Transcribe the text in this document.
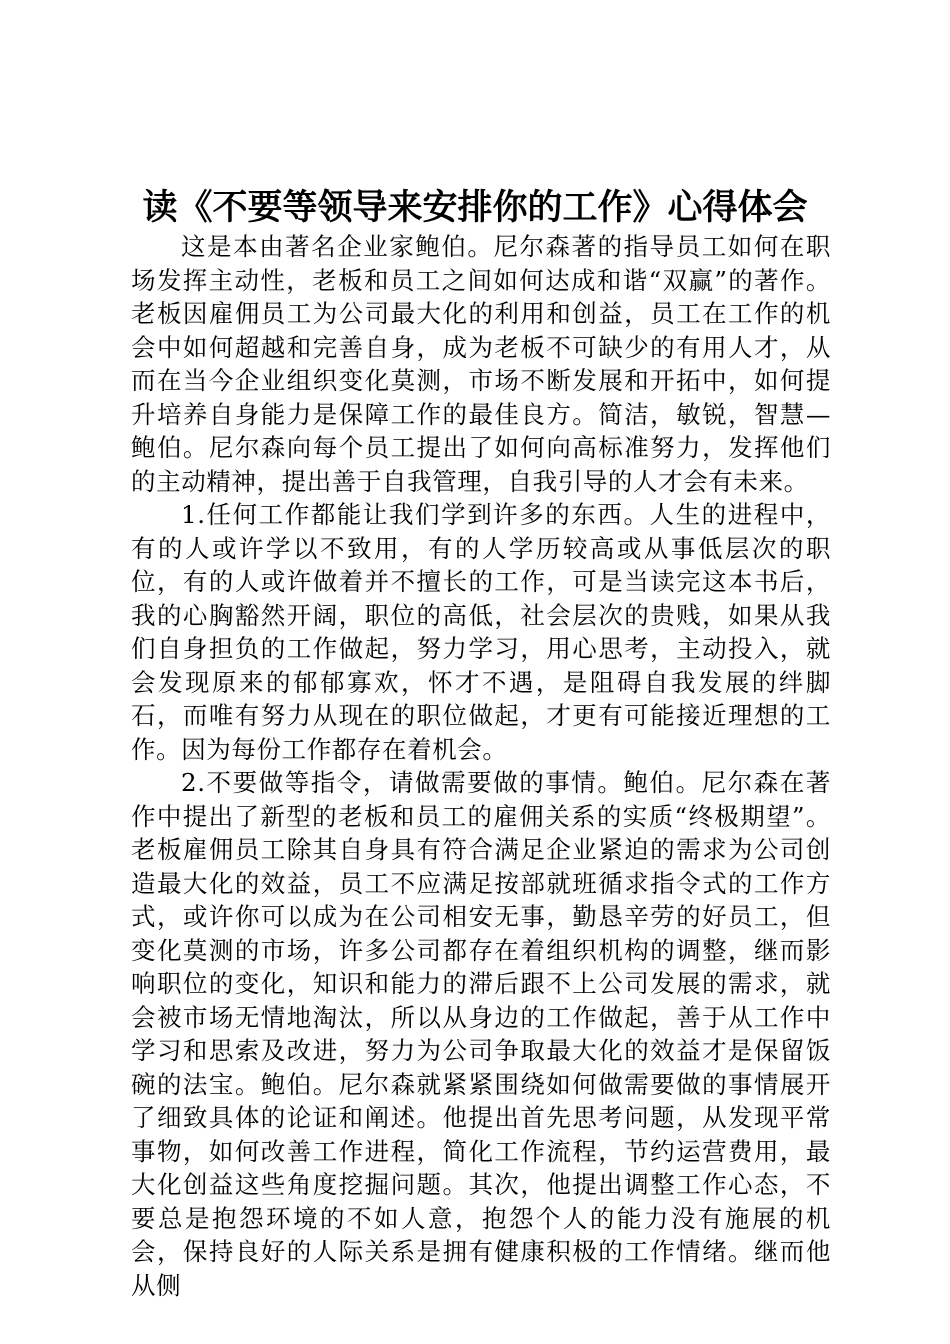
读《不要等领导来安排你的工作》心得体会

这是本由著名企业家鲍伯。尼尔森著的指导员工如何在职场发挥主动性，老板和员工之间如何达成和谐“双赢”的著作。老板因雇佣员工为公司最大化的利用和创益，员工在工作的机会中如何超越和完善自身，成为老板不可缺少的有用人才，从而在当今企业组织变化莫测，市场不断发展和开拓中，如何提升培养自身能力是保障工作的最佳良方。简洁，敏锐，智慧—鲍伯。尼尔森向每个员工提出了如何向高标准努力，发挥他们的主动精神，提出善于自我管理，自我引导的人才会有未来。

1.任何工作都能让我们学到许多的东西。人生的进程中，有的人或许学以不致用，有的人学历较高或从事低层次的职位，有的人或许做着并不擅长的工作，可是当读完这本书后，我的心胸豁然开阔，职位的高低，社会层次的贵贱，如果从我们自身担负的工作做起，努力学习，用心思考，主动投入，就会发现原来的郁郁寡欢，怀才不遇，是阻碍自我发展的绊脚石，而唯有努力从现在的职位做起，才更有可能接近理想的工作。因为每份工作都存在着机会。

2.不要做等指令，请做需要做的事情。鲍伯。尼尔森在著作中提出了新型的老板和员工的雇佣关系的实质“终极期望”。老板雇佣员工除其自身具有符合满足企业紧迫的需求为公司创造最大化的效益，员工不应满足按部就班循求指令式的工作方式，或许你可以成为在公司相安无事，勤恳辛劳的好员工，但变化莫测的市场，许多公司都存在着组织机构的调整，继而影响职位的变化，知识和能力的滞后跟不上公司发展的需求，就会被市场无情地淘汰，所以从身边的工作做起，善于从工作中学习和思索及改进，努力为公司争取最大化的效益才是保留饭碗的法宝。鲍伯。尼尔森就紧紧围绕如何做需要做的事情展开了细致具体的论证和阐述。他提出首先思考问题，从发现平常事物，如何改善工作进程，简化工作流程，节约运营费用，最大化创益这些角度挖掘问题。其次，他提出调整工作心态，不要总是抱怨环境的不如人意，抱怨个人的能力没有施展的机会，保持良好的人际关系是拥有健康积极的工作情绪。继而他从侧
